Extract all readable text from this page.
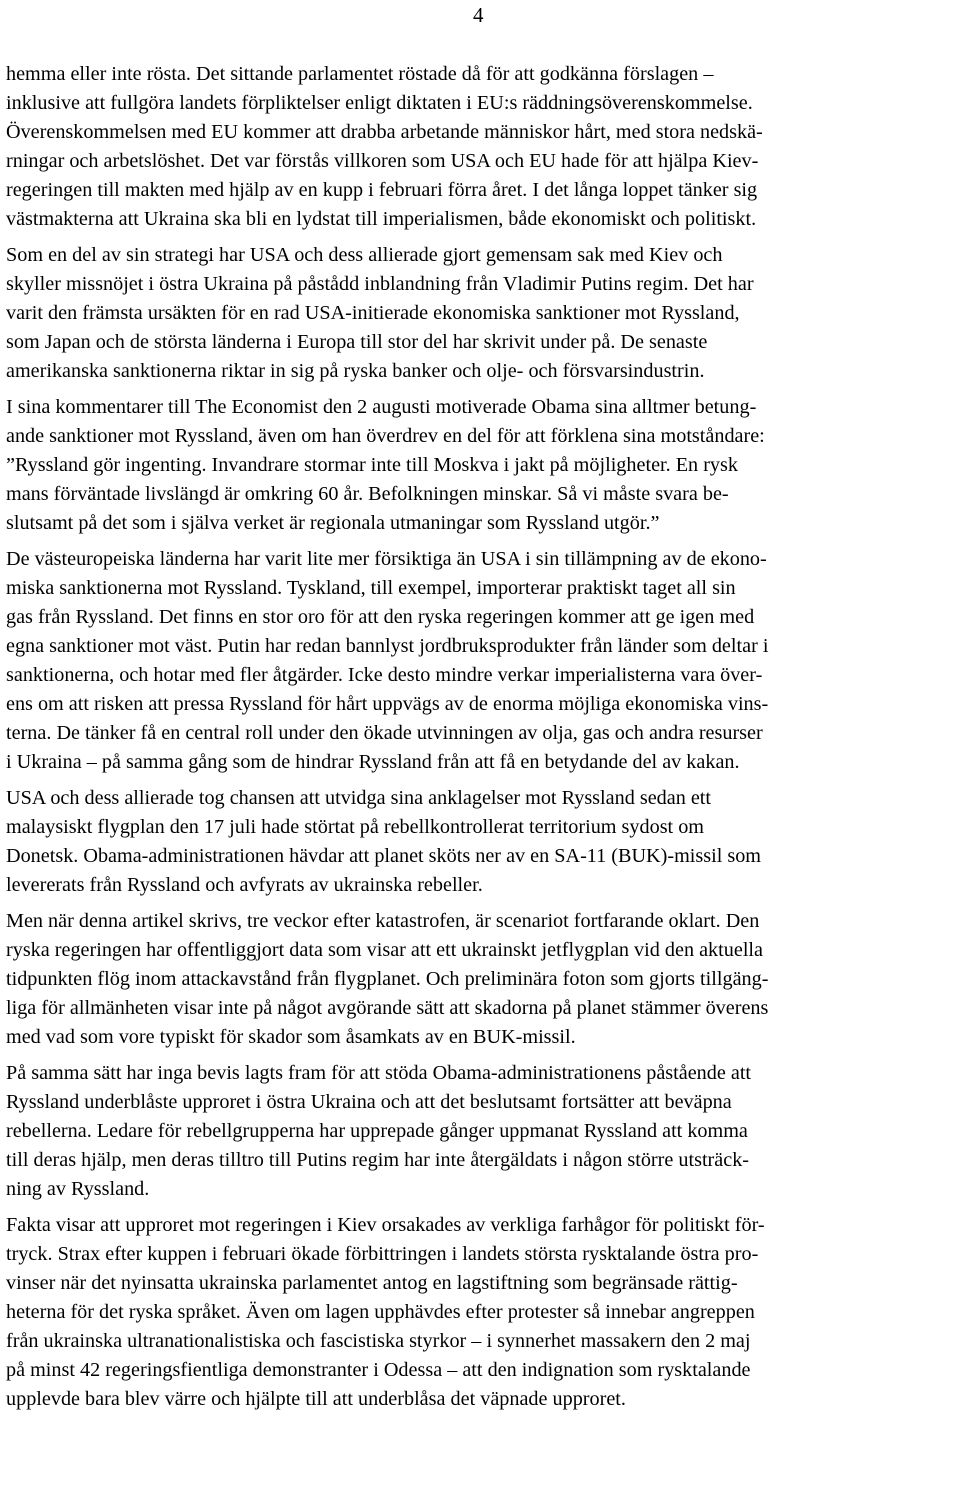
4
hemma eller inte rösta. Det sittande parlamentet röstade då för att godkänna förslagen –
inklusive att fullgöra landets förpliktelser enligt diktaten i EU:s räddningsöverenskommelse.
Överenskommelsen med EU kommer att drabba arbetande människor hårt, med stora nedskä-
rningar och arbetslöshet. Det var förstås villkoren som USA och EU hade för att hjälpa Kiev-
regeringen till makten med hjälp av en kupp i februari förra året. I det långa loppet tänker sig
västmakterna att Ukraina ska bli en lydstat till imperialismen, både ekonomiskt och politiskt.
Som en del av sin strategi har USA och dess allierade gjort gemensam sak med Kiev och
skyller missnöjet i östra Ukraina på påstådd inblandning från Vladimir Putins regim. Det har
varit den främsta ursäkten för en rad USA-initierade ekonomiska sanktioner mot Ryssland,
som Japan och de största länderna i Europa till stor del har skrivit under på. De senaste
amerikanska sanktionerna riktar in sig på ryska banker och olje- och försvarsindustrin.
I sina kommentarer till The Economist den 2 augusti motiverade Obama sina alltmer betung-
ande sanktioner mot Ryssland, även om han överdrev en del för att förklena sina motståndare:
”Ryssland gör ingenting. Invandrare stormar inte till Moskva i jakt på möjligheter. En rysk
mans förväntade livslängd är omkring 60 år. Befolkningen minskar. Så vi måste svara be-
slutsamt på det som i själva verket är regionala utmaningar som Ryssland utgör.”
De västeuropeiska länderna har varit lite mer försiktiga än USA i sin tillämpning av de ekono-
miska sanktionerna mot Ryssland. Tyskland, till exempel, importerar praktiskt taget all sin
gas från Ryssland. Det finns en stor oro för att den ryska regeringen kommer att ge igen med
egna sanktioner mot väst. Putin har redan bannlyst jordbruksprodukter från länder som deltar i
sanktionerna, och hotar med fler åtgärder. Icke desto mindre verkar imperialisterna vara över-
ens om att risken att pressa Ryssland för hårt uppvägs av de enorma möjliga ekonomiska vins-
terna. De tänker få en central roll under den ökade utvinningen av olja, gas och andra resurser
i Ukraina – på samma gång som de hindrar Ryssland från att få en betydande del av kakan.
USA och dess allierade tog chansen att utvidga sina anklagelser mot Ryssland sedan ett
malaysiskt flygplan den 17 juli hade störtat på rebellkontrollerat territorium sydost om
Donetsk. Obama-administrationen hävdar att planet sköts ner av en SA-11 (BUK)-missil som
levererats från Ryssland och avfyrats av ukrainska rebeller.
Men när denna artikel skrivs, tre veckor efter katastrofen, är scenariot fortfarande oklart. Den
ryska regeringen har offentliggjort data som visar att ett ukrainskt jetflygplan vid den aktuella
tidpunkten flög inom attackavstånd från flygplanet. Och preliminära foton som gjorts tillgäng-
liga för allmänheten visar inte på något avgörande sätt att skadorna på planet stämmer överens
med vad som vore typiskt för skador som åsamkats av en BUK-missil.
På samma sätt har inga bevis lagts fram för att stöda Obama-administrationens påstående att
Ryssland underblåste upproret i östra Ukraina och att det beslutsamt fortsätter att beväpna
rebellerna. Ledare för rebellgrupperna har upprepade gånger uppmanat Ryssland att komma
till deras hjälp, men deras tilltro till Putins regim har inte återgäldats i någon större utsträck-
ning av Ryssland.
Fakta visar att upproret mot regeringen i Kiev orsakades av verkliga farhågor för politiskt för-
tryck. Strax efter kuppen i februari ökade förbittringen i landets största rysktalande östra pro-
vinser när det nyinsatta ukrainska parlamentet antog en lagstiftning som begränsade rättig-
heterna för det ryska språket. Även om lagen upphävdes efter protester så innebar angreppen
från ukrainska ultranationalistiska och fascistiska styrkor – i synnerhet massakern den 2 maj
på minst 42 regeringsfientliga demonstranter i Odessa – att den indignation som rysktalande
upplevde bara blev värre och hjälpte till att underblåsa det väpnade upproret.
